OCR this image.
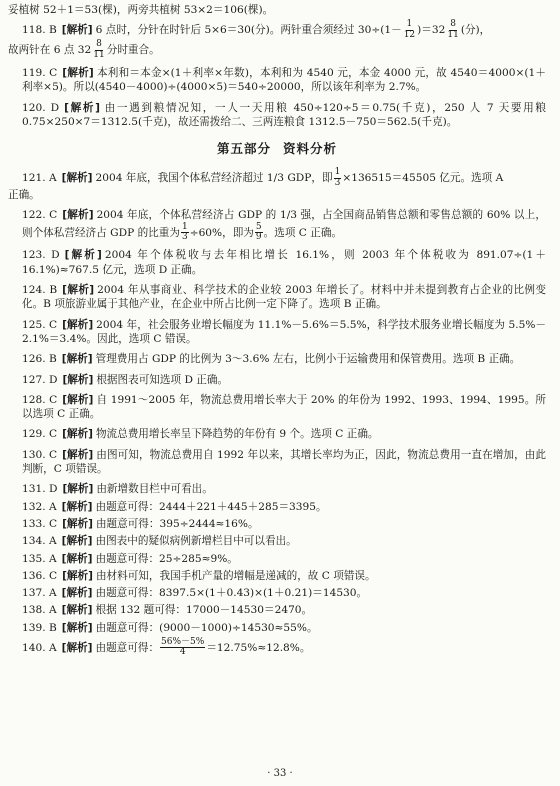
妥植树 52＋1＝53(棵)，两旁共植树 53×2＝106(棵)。
118. B [解析] 6 点时，分针在时针后 5×6＝30(分)。两针重合须经过 $30\div(1- \frac{1}{12} )=32 \frac{8}{11}$ (分)，
故两针在 6 点 $32 \frac{8}{11}$ 分时重合。
119. C [解析] 本利和＝本金×(1＋利率×年数)，本利和为 4540 元，本金 4000 元，故 4540＝4000×(1＋利率×5)。所以(4540－4000)÷(4000×5)＝540÷20000，所以该年利率为 2.7%。
120. D [解析] 由一遇到粮情况知，一人一天用粮 450÷120÷5＝0.75(千克)，250 人 7 天要用粮 0.75×250×7＝1312.5(千克)，故还需拨给二、三两连粮食 1312.5－750＝562.5(千克)。
第五部分 资料分析
121. A [解析] 2004 年底，我国个体私营经济超过 1/3 GDP，即 $\frac{1}{3} \times 136515=45505$ 亿元。选项 A
正确。
122. C [解析] 2004 年底，个体私营经济占 GDP 的 1/3 强，占全国商品销售总额和零售总额的 60% 以上，则个体私营经济占 GDP 的比重为 $\frac{1}{3} \div 60\%$，即为 $\frac{5}{9}$ 。选项 C 正确。
123. D [解析] 2004 年个体税收与去年相比增长 16.1%，则 2003 年个体税收为 891.07÷(1＋16.1%)≈767.5 亿元，选项 D 正确。
124. B [解析] 2004 年从事商业、科学技术的企业较 2003 年增长了。材料中并未提到教育占企业的比例变化。B 项旅游业属于其他产业，在企业中所占比例一定下降了。选项 B 正确。
125. C [解析] 2004 年，社会服务业增长幅度为 11.1%－5.6%＝5.5%，科学技术服务业增长幅度为 5.5%－2.1%＝3.4%。因此，选项 C 错误。
126. B [解析] 管理费用占 GDP 的比例为 3～3.6% 左右，比例小于运输费用和保管费用。选项 B 正确。
127. D [解析] 根据图表可知选项 D 正确。
128. C [解析] 自 1991～2005 年，物流总费用增长率大于 20% 的年份为 1992、1993、1994、1995。所以选项 C 正确。
129. C [解析] 物流总费用增长率呈下降趋势的年份有 9 个。选项 C 正确。
130. C [解析] 由图可知，物流总费用自 1992 年以来，其增长率均为正，因此，物流总费用一直在增加，由此判断，C 项错误。
131. D [解析] 由新增数目栏中可看出。
132. A [解析] 由题意可得：2444＋221＋445＋285＝3395。
133. C [解析] 由题意可得：395÷2444≈16%。
134. A [解析] 由图表中的疑似病例新增栏目中可以看出。
135. A [解析] 由题意可得：25÷285≈9%。
136. C [解析] 由材料可知，我国手机产量的增幅是递减的，故 C 项错误。
137. A [解析] 由题意可得：8397.5×(1＋0.43)×(1＋0.21)＝14530。
138. A [解析] 根据 132 题可得：17000－14530＝2470。
139. B [解析] 由题意可得：(9000－1000)÷14530≈55%。
140. A [解析] 由题意可得： $\frac{56\%-5\%}{4} =12.75\%\approx 12.8\%$。
· 33 ·
